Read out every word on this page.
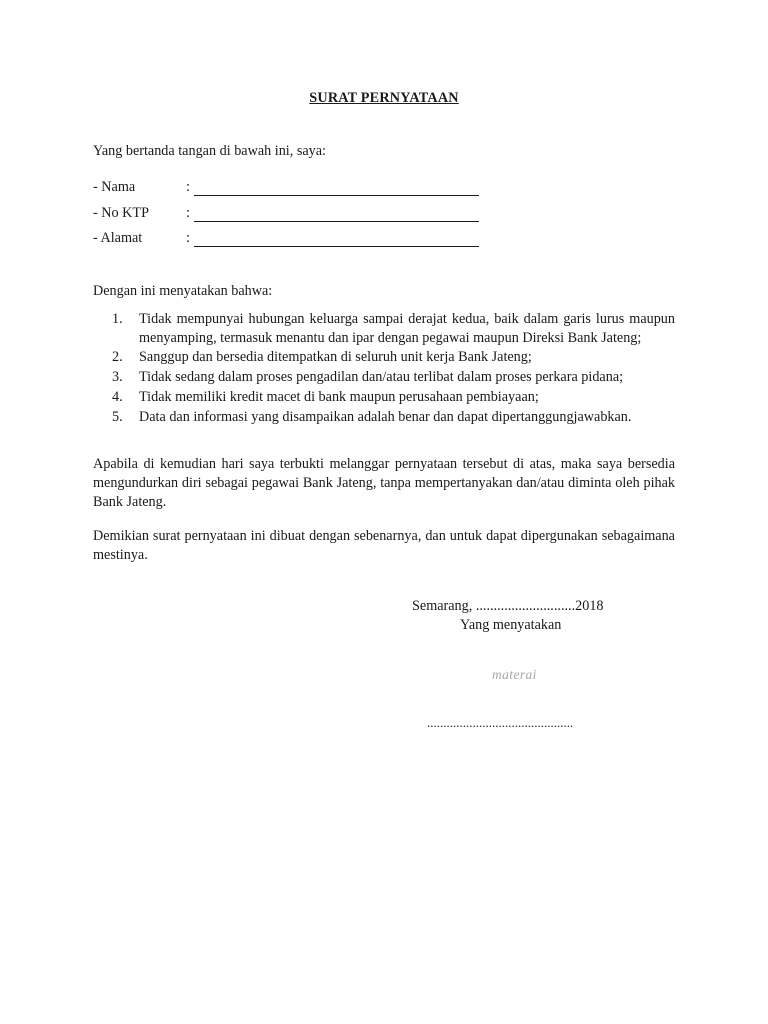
SURAT PERNYATAAN
Yang bertanda tangan di bawah ini, saya:
- Nama	:
- No KTP	:
- Alamat	:
Dengan ini menyatakan bahwa:
1. Tidak mempunyai hubungan keluarga sampai derajat kedua, baik dalam garis lurus maupun menyamping, termasuk menantu dan ipar dengan pegawai maupun Direksi Bank Jateng;
2. Sanggup dan bersedia ditempatkan di seluruh unit kerja Bank Jateng;
3. Tidak sedang dalam proses pengadilan dan/atau terlibat dalam proses perkara pidana;
4. Tidak memiliki kredit macet di bank maupun perusahaan pembiayaan;
5. Data dan informasi yang disampaikan adalah benar dan dapat dipertanggungjawabkan.
Apabila di kemudian hari saya terbukti melanggar pernyataan tersebut di atas, maka saya bersedia mengundurkan diri sebagai pegawai Bank Jateng, tanpa mempertanyakan dan/atau diminta oleh pihak Bank Jateng.
Demikian surat pernyataan ini dibuat dengan sebenarnya, dan untuk dapat dipergunakan sebagaimana mestinya.
Semarang, ............................2018
Yang menyatakan
materai
.............................................
